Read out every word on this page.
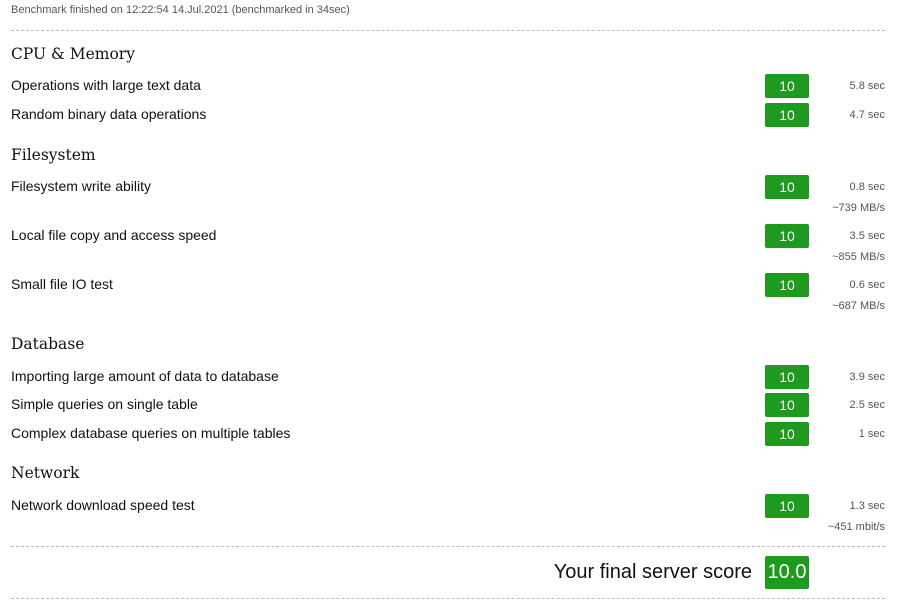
Benchmark finished on 12:22:54 14.Jul.2021 (benchmarked in 34sec)
CPU & Memory
Operations with large text data	10	5.8 sec
Random binary data operations	10	4.7 sec
Filesystem
Filesystem write ability	10	0.8 sec
~739 MB/s
Local file copy and access speed	10	3.5 sec
~855 MB/s
Small file IO test	10	0.6 sec
~687 MB/s
Database
Importing large amount of data to database	10	3.9 sec
Simple queries on single table	10	2.5 sec
Complex database queries on multiple tables	10	1 sec
Network
Network download speed test	10	1.3 sec
~451 mbit/s
Your final server score 10.0
